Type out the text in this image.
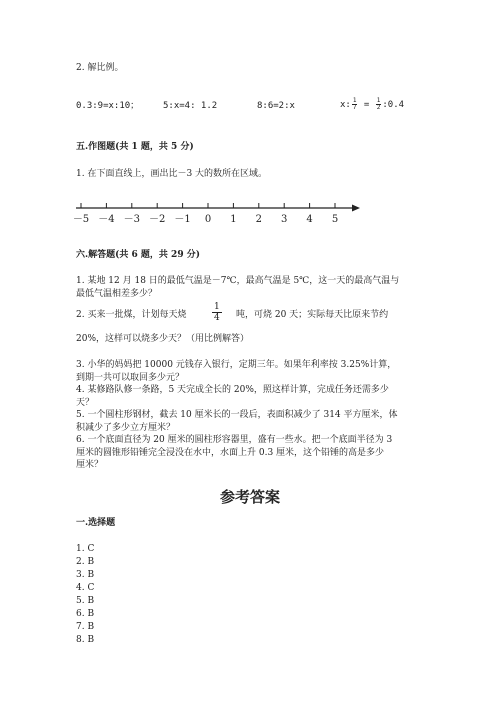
2. 解比例。
0.3:9=x:10；	5:x=4: 1.2	8:6=2:x	x: $\frac{1}{7} = \frac{1}{2}$ :0.4
五.作图题(共 1 题，共 5 分)
1. 在下面直线上，画出比－3 大的数所在区域。
－5 －4 －3 －2 －1 0 1 2 3 4 5
六.解答题(共 6 题，共 29 分)
1. 某地 12 月 18 日的最低气温是－7℃，最高气温是 5℃，这一天的最高气温与
最低气温相差多少？
2. 买来一批煤，计划每天烧	$\frac{1}{4}$ 吨，可烧 20 天；实际每天比原来节约
20%，这样可以烧多少天？（用比例解答）
3. 小华的妈妈把 10000 元钱存入银行，定期三年。如果年利率按 3.25%计算，
到期一共可以取回多少元？
4. 某修路队修一条路，5 天完成全长的 20%，照这样计算，完成任务还需多少
天？
5. 一个圆柱形钢材，截去 10 厘米长的一段后，表面积减少了 314 平方厘米，体
积减少了多少立方厘米？
6. 一个底面直径为 20 厘米的圆柱形容器里，盛有一些水。把一个底面半径为 3
厘米的圆锥形铅锤完全浸没在水中，水面上升 0.3 厘米，这个铅锤的高是多少
厘米？
参考答案
一.选择题
1. C
2. B
3. B
4. C
5. B
6. B
7. B
8. B
